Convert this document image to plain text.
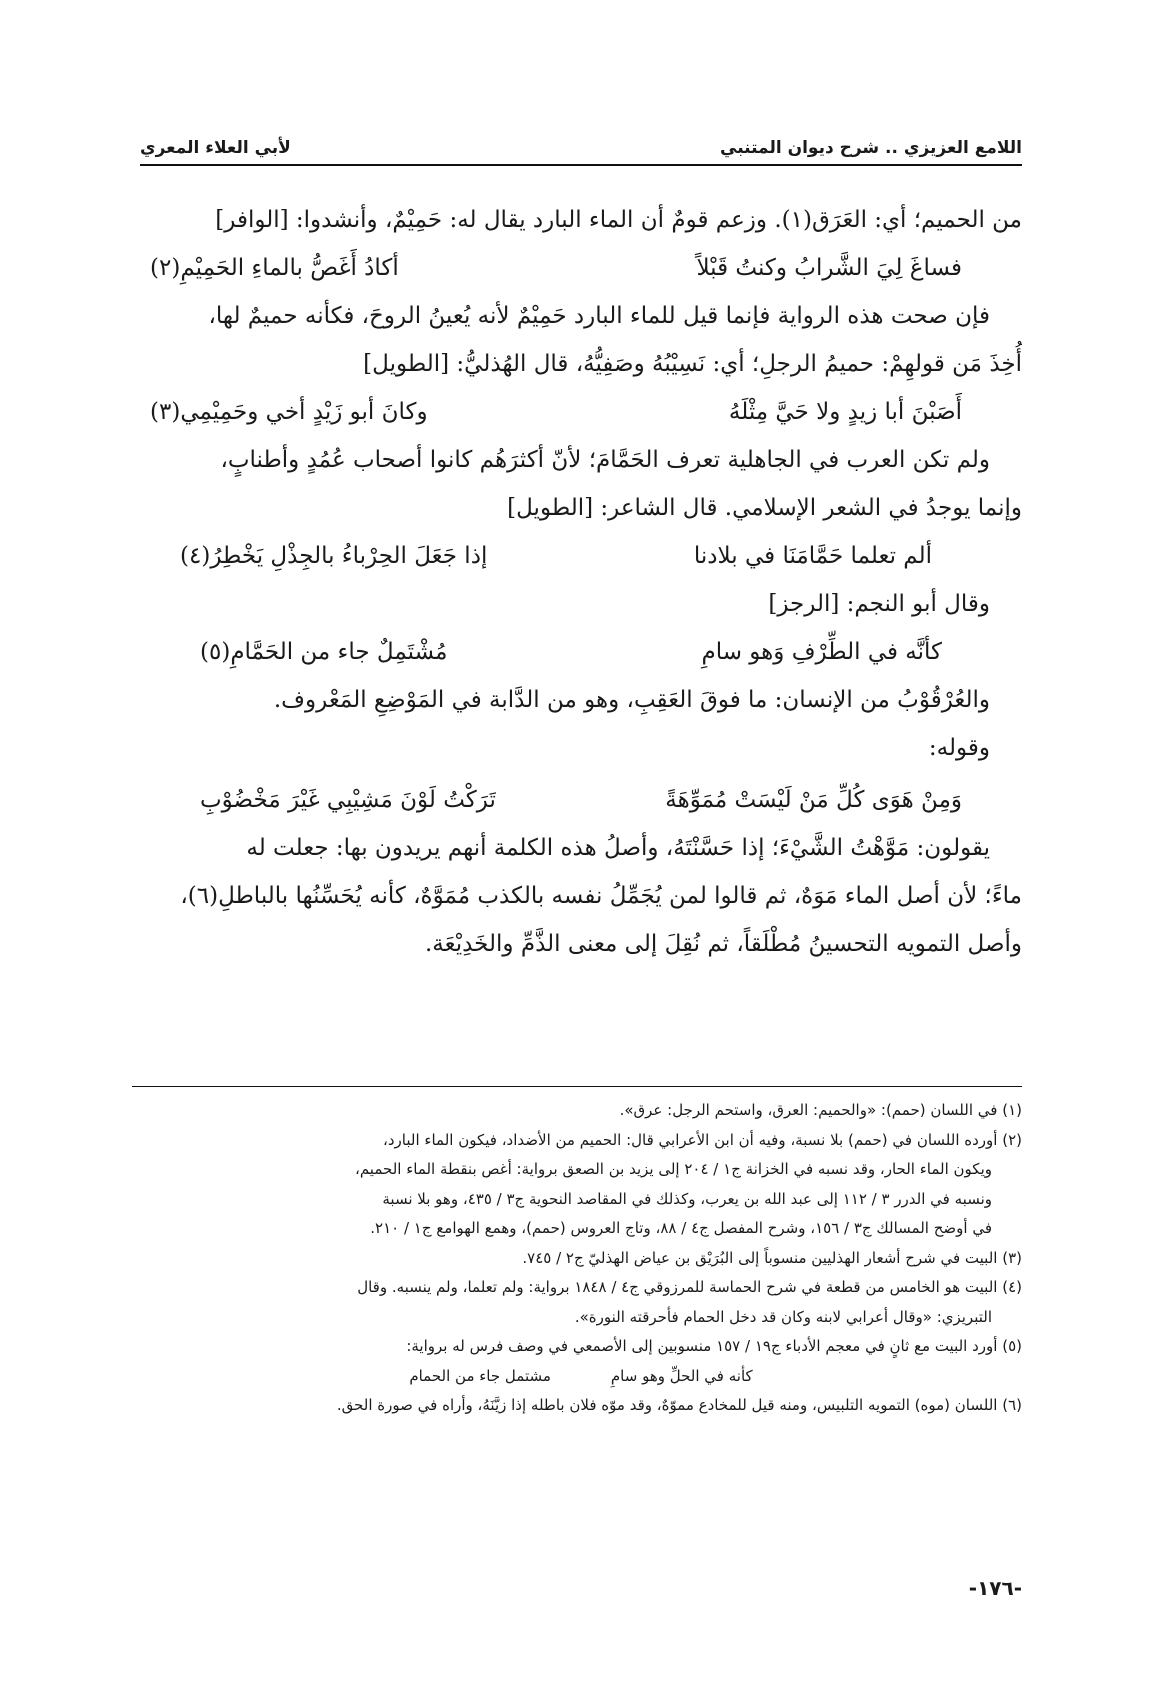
اللامع العزيزي .. شرح ديوان المتنبي
لأبي العلاء المعري

من الحميم؛ أي: العَرَق(١). وزعم قومٌ أن الماء البارد يقال له: حَمِيْمٌ، وأنشدوا: [الوافر]

فساغَ لِيَ الشَّرابُ وكنتُ قَبْلاً
أكادُ أَغَصُّ بالماءِ الحَمِيْمِ(٢)

فإن صحت هذه الرواية فإنما قيل للماء البارد حَمِيْمٌ لأنه يُعينُ الروحَ، فكأنه حميمٌ لها،

أُخِذَ مَن قولهِمْ: حميمُ الرجلِ؛ أي: نَسِيْبُهُ وصَفِيُّهُ، قال الهُذليُّ: [الطويل]

أَصَبْنَ أبا زيدٍ ولا حَيَّ مِثْلَهُ
وكانَ أبو زَيْدٍ أخي وحَمِيْمِي(٣)

ولم تكن العرب في الجاهلية تعرف الحَمَّامَ؛ لأنّ أكثرَهُم كانوا أصحاب عُمُدٍ وأطنابٍ،

وإنما يوجدُ في الشعر الإسلامي. قال الشاعر: [الطويل]

ألم تعلما حَمَّامَنَا في بلادنا
إذا جَعَلَ الحِرْباءُ بالجِذْلِ يَخْطِرُ(٤)

وقال أبو النجم: [الرجز]

كأنَّه في الطِّرْفِ وَهو سامِ
مُشْتَمِلٌ جاء من الحَمَّامِ(٥)

والعُرْقُوْبُ من الإنسان: ما فوقَ العَقِبِ، وهو من الدَّابة في المَوْضِعِ المَعْروف.

وقوله:

وَمِنْ هَوَى كُلِّ مَنْ لَيْسَتْ مُمَوِّهَةً
تَرَكْتُ لَوْنَ مَشِيْبِي غَيْرَ مَخْضُوْبِ

يقولون: مَوَّهْتُ الشَّيْءَ؛ إذا حَسَّنْتَهُ، وأصلُ هذه الكلمة أنهم يريدون بها: جعلت له

ماءً؛ لأن أصل الماء مَوَهٌ، ثم قالوا لمن يُجَمِّلُ نفسه بالكذب مُمَوَّهٌ، كأنه يُحَسِّنُها بالباطلِ(٦)،

وأصل التمويه التحسينُ مُطْلَقاً، ثم نُقِلَ إلى معنى الذَّمِّ والخَدِيْعَة.

(١) في اللسان (حمم): «والحميم: العرق، واستحم الرجل: عرق».

(٢) أورده اللسان في (حمم) بلا نسبة، وفيه أن ابن الأعرابي قال: الحميم من الأضداد، فيكون الماء البارد،

ويكون الماء الحار، وقد نسبه في الخزانة ج١ / ٢٠٤ إلى يزيد بن الصعق برواية: أغص بنقطة الماء الحميم،

ونسبه في الدرر ٣ / ١١٢ إلى عبد الله بن يعرب، وكذلك في المقاصد النحوية ج٣ / ٤٣٥، وهو بلا نسبة

في أوضح المسالك ج٣ / ١٥٦، وشرح المفصل ج٤ / ٨٨، وتاج العروس (حمم)، وهمع الهوامع ج١ / ٢١٠.

(٣) البيت في شرح أشعار الهذليين منسوباً إلى البُرَيْق بن عياض الهذليّ ج٢ / ٧٤٥.

(٤) البيت هو الخامس من قطعة في شرح الحماسة للمرزوقي ج٤ / ١٨٤٨ برواية: ولم تعلما، ولم ينسبه. وقال

التبريزي: «وقال أعرابي لابنه وكان قد دخل الحمام فأحرقته النورة».

(٥) أورد البيت مع ثانٍ في معجم الأدباء ج١٩ / ١٥٧ منسوبين إلى الأصمعي في وصف فرس له برواية:

كأنه في الحلِّ وهو سامِ
مشتمل جاء من الحمام

(٦) اللسان (موه) التمويه التلبيس، ومنه قيل للمخادع مموّهٌ، وقد موّه فلان باطله إذا زيَّنَهُ، وأراه في صورة الحق.

-١٧٦-
